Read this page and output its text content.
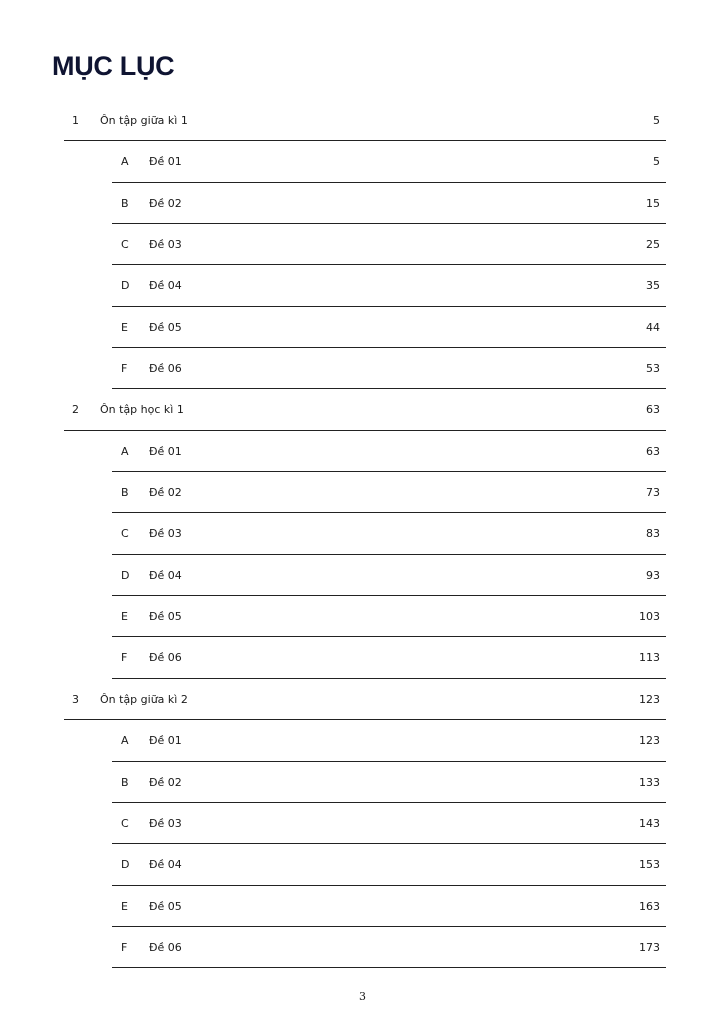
MỤC LỤC
1 Ôn tập giữa kì 1	5
A Đề 01	5
B Đề 02	15
C Đề 03	25
D Đề 04	35
E Đề 05	44
F Đề 06	53
2 Ôn tập học kì 1	63
A Đề 01	63
B Đề 02	73
C Đề 03	83
D Đề 04	93
E Đề 05	103
F Đề 06	113
3 Ôn tập giữa kì 2	123
A Đề 01	123
B Đề 02	133
C Đề 03	143
D Đề 04	153
E Đề 05	163
F Đề 06	173
3
